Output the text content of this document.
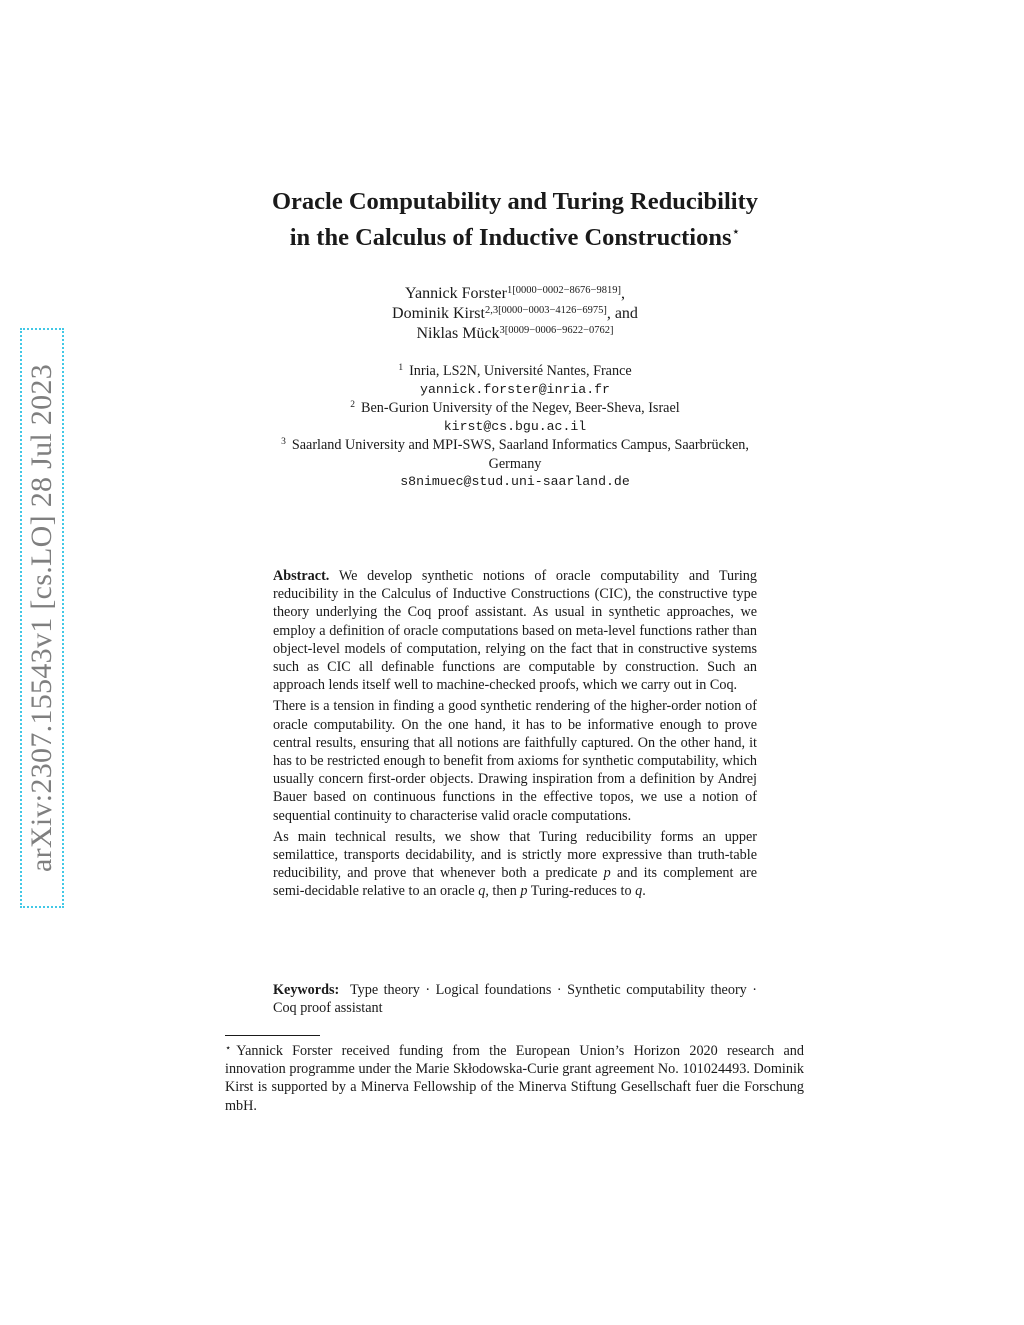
arXiv:2307.15543v1 [cs.LO] 28 Jul 2023
Oracle Computability and Turing Reducibility
in the Calculus of Inductive Constructions⋆
Yannick Forster$^{1[0000-0002-8676-9819]}$,
Dominik Kirst$^{2,3[0000-0003-4126-6975]}$, and
Niklas Mück$^{3[0009-0006-9622-0762]}$
$^1$ Inria, LS2N, Université Nantes, France
yannick.forster@inria.fr
$^2$ Ben-Gurion University of the Negev, Beer-Sheva, Israel
kirst@cs.bgu.ac.il
$^3$ Saarland University and MPI-SWS, Saarland Informatics Campus, Saarbrücken,
Germany
s8nimuec@stud.uni-saarland.de

Abstract. We develop synthetic notions of oracle computability and Turing reducibility in the Calculus of Inductive Constructions (CIC), the constructive type theory underlying the Coq proof assistant. As usual in synthetic approaches, we employ a definition of oracle computations based on meta-level functions rather than object-level models of computation, relying on the fact that in constructive systems such as CIC all definable functions are computable by construction. Such an approach lends itself well to machine-checked proofs, which we carry out in Coq.

There is a tension in finding a good synthetic rendering of the higher-order notion of oracle computability. On the one hand, it has to be informative enough to prove central results, ensuring that all notions are faithfully captured. On the other hand, it has to be restricted enough to benefit from axioms for synthetic computability, which usually concern first-order objects. Drawing inspiration from a definition by Andrej Bauer based on continuous functions in the effective topos, we use a notion of sequential continuity to characterise valid oracle computations.

As main technical results, we show that Turing reducibility forms an upper semilattice, transports decidability, and is strictly more expressive than truth-table reducibility, and prove that whenever both a predicate p and its complement are semi-decidable relative to an oracle q, then p Turing-reduces to q.

Keywords: Type theory · Logical foundations · Synthetic computability theory · Coq proof assistant
⋆ Yannick Forster received funding from the European Union’s Horizon 2020 research and innovation programme under the Marie Skłodowska-Curie grant agreement No. 101024493. Dominik Kirst is supported by a Minerva Fellowship of the Minerva Stiftung Gesellschaft fuer die Forschung mbH.
